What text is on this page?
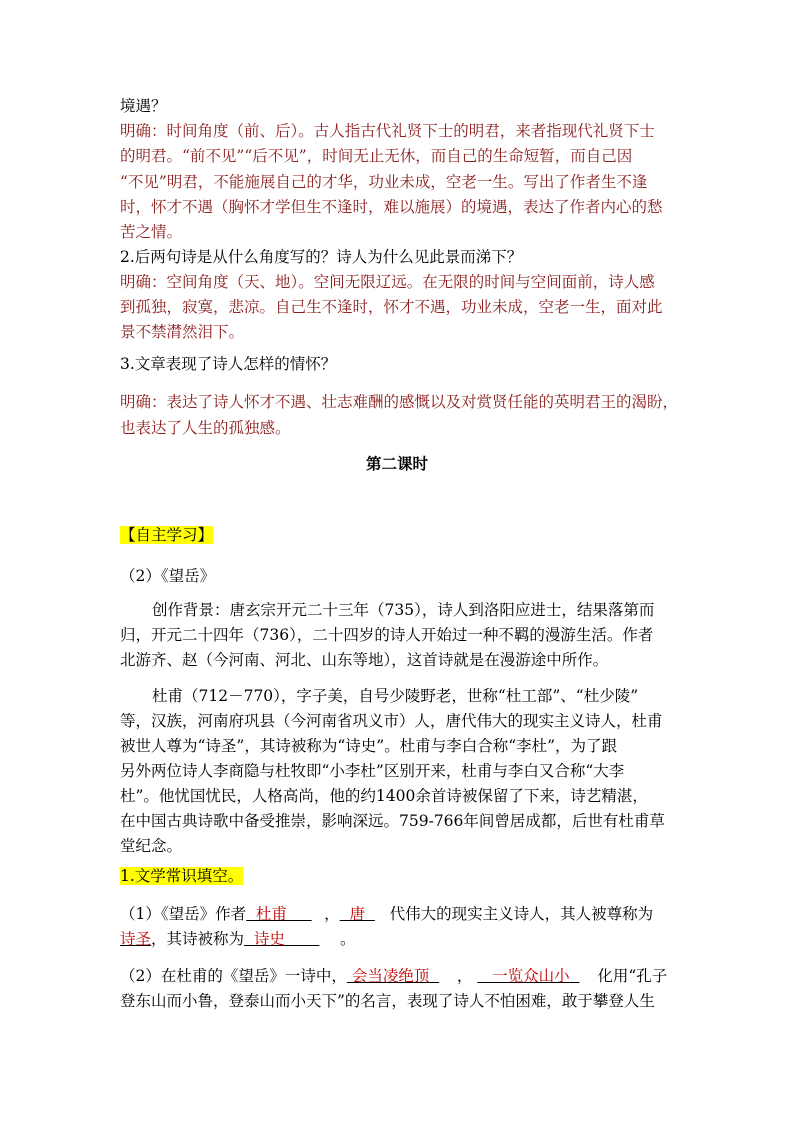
境遇？
明确：时间角度（前、后）。古人指古代礼贤下士的明君，来者指现代礼贤下士
的明君。“前不见”“后不见”，时间无止无休，而自己的生命短暂，而自己因
“不见”明君，不能施展自己的才华，功业未成，空老一生。写出了作者生不逢
时，怀才不遇（胸怀才学但生不逢时，难以施展）的境遇，表达了作者内心的愁
苦之情。
2.后两句诗是从什么角度写的？诗人为什么见此景而涕下？
明确：空间角度（天、地）。空间无限辽远。在无限的时间与空间面前，诗人感
到孤独，寂寞，悲凉。自己生不逢时，怀才不遇，功业未成，空老一生，面对此
景不禁潸然泪下。
3.文章表现了诗人怎样的情怀？
明确：表达了诗人怀才不遇、壮志难酬的感慨以及对赏贤任能的英明君王的渴盼，
也表达了人生的孤独感。
第二课时
【自主学习】
（2）《望岳》
创作背景：唐玄宗开元二十三年（735），诗人到洛阳应进士，结果落第而
归，开元二十四年（736），二十四岁的诗人开始过一种不羁的漫游生活。作者
北游齐、赵（今河南、河北、山东等地），这首诗就是在漫游途中所作。
杜甫（712－770），字子美，自号少陵野老，世称“杜工部”、“杜少陵”
等，汉族，河南府巩县（今河南省巩义市）人，唐代伟大的现实主义诗人，杜甫
被世人尊为“诗圣”，其诗被称为“诗史”。杜甫与李白合称“李杜”，为了跟
另外两位诗人李商隐与杜牧即“小李杜”区别开来，杜甫与李白又合称“大李
杜”。他忧国忧民，人格高尚，他的约1400余首诗被保留了下来，诗艺精湛，
在中国古典诗歌中备受推崇，影响深远。759-766年间曾居成都，后世有杜甫草
堂纪念。
1.文学常识填空。
（1）《望岳》作者 杜甫 ， 唐 代伟大的现实主义诗人，其人被尊称为
诗圣，其诗被称为 诗史	。
（2）在杜甫的《望岳》一诗中， 会当凌绝顶 ， 一览众山小 化用“孔子
登东山而小鲁，登泰山而小天下”的名言，表现了诗人不怕困难，敢于攀登人生
